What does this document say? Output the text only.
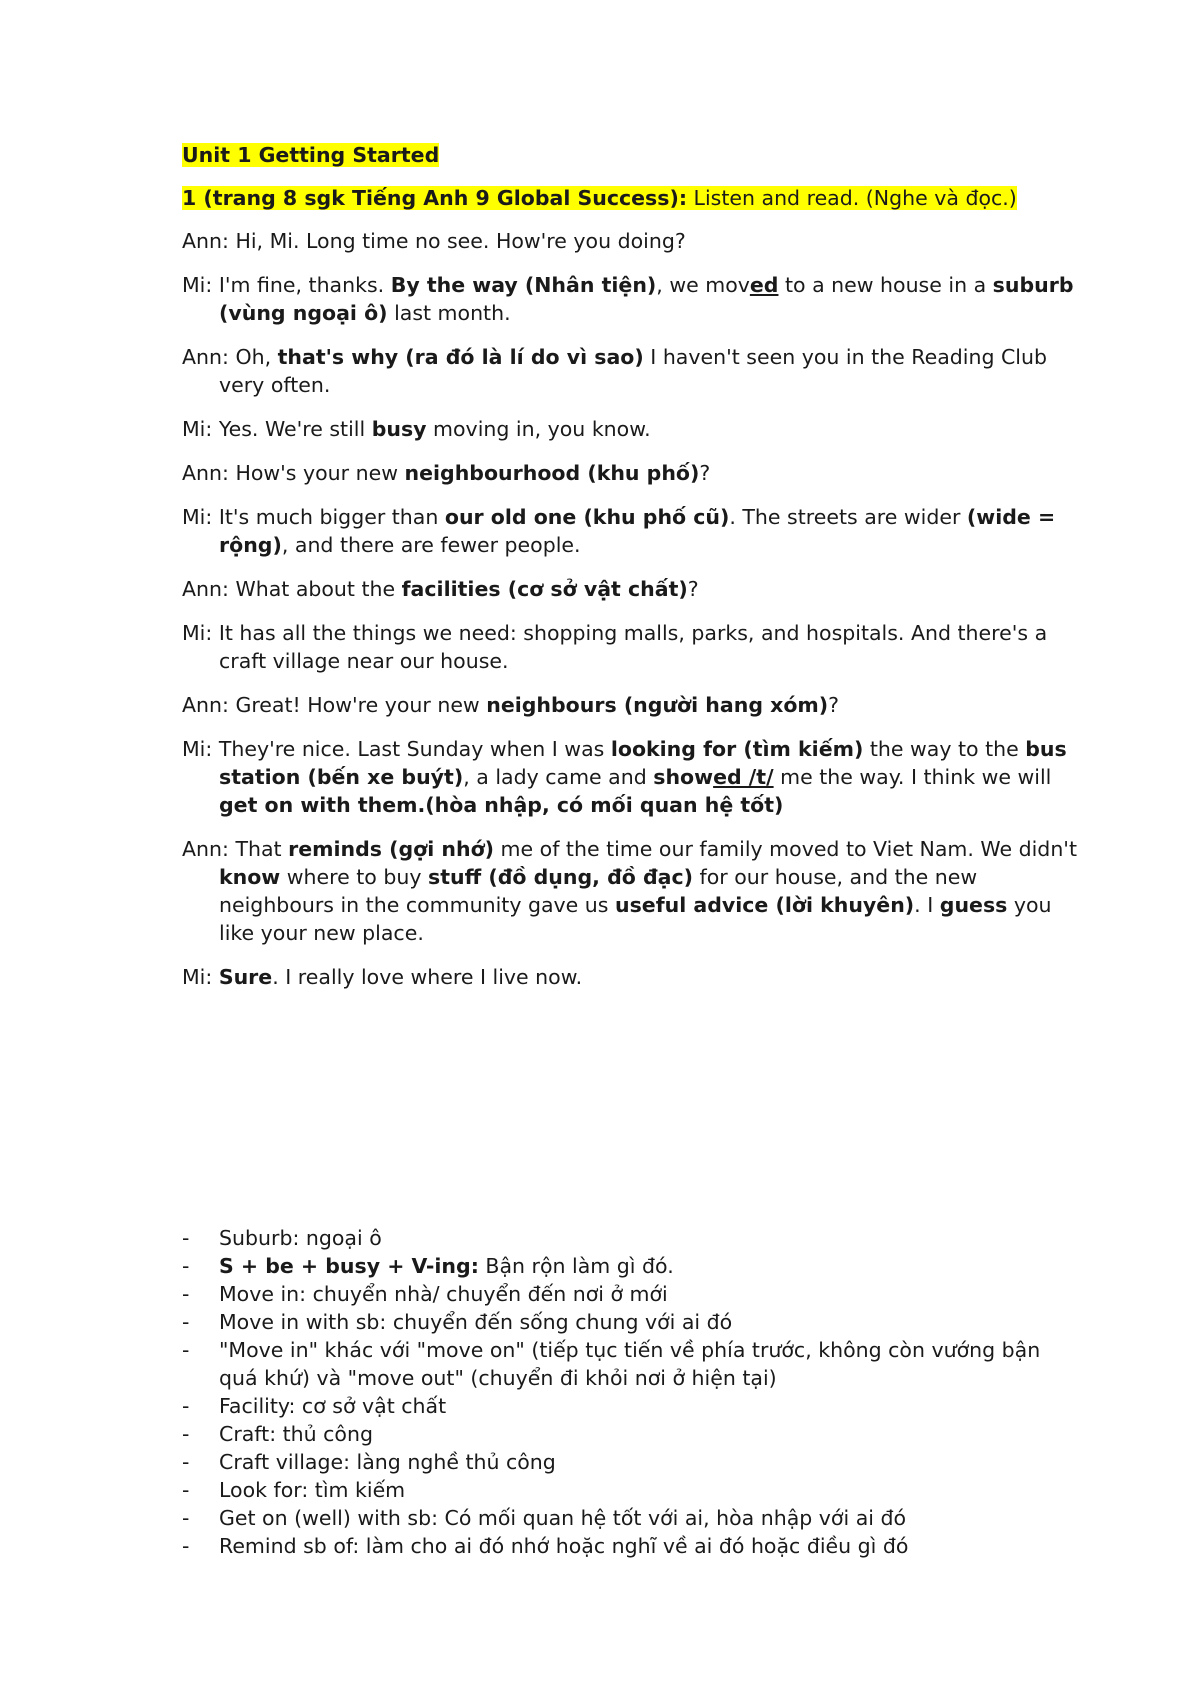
Unit 1 Getting Started

1 (trang 8 sgk Tiếng Anh 9 Global Success): Listen and read. (Nghe và đọc.)

Ann: Hi, Mi. Long time no see. How're you doing?

Mi: I'm fine, thanks. By the way (Nhân tiện), we moved to a new house in a suburb (vùng ngoại ô) last month.

Ann: Oh, that's why (ra đó là lí do vì sao) I haven't seen you in the Reading Club very often.

Mi: Yes. We're still busy moving in, you know.

Ann: How's your new neighbourhood (khu phố)?

Mi: It's much bigger than our old one (khu phố cũ). The streets are wider (wide = rộng), and there are fewer people.

Ann: What about the facilities (cơ sở vật chất)?

Mi: It has all the things we need: shopping malls, parks, and hospitals. And there's a craft village near our house.

Ann: Great! How're your new neighbours (người hang xóm)?

Mi: They're nice. Last Sunday when I was looking for (tìm kiếm) the way to the bus station (bến xe buýt), a lady came and showed /t/ me the way. I think we will get on with them.(hòa nhập, có mối quan hệ tốt)

Ann: That reminds (gợi nhớ) me of the time our family moved to Viet Nam. We didn't know where to buy stuff (đồ dụng, đồ đạc) for our house, and the new neighbours in the community gave us useful advice (lời khuyên). I guess you like your new place.

Mi: Sure. I really love where I live now.

- Suburb: ngoại ô
- S + be + busy + V-ing: Bận rộn làm gì đó.
- Move in: chuyển nhà/ chuyển đến nơi ở mới
- Move in with sb: chuyển đến sống chung với ai đó
- "Move in" khác với "move on" (tiếp tục tiến về phía trước, không còn vướng bận quá khứ) và "move out" (chuyển đi khỏi nơi ở hiện tại)
- Facility: cơ sở vật chất
- Craft: thủ công
- Craft village: làng nghề thủ công
- Look for: tìm kiếm
- Get on (well) with sb: Có mối quan hệ tốt với ai, hòa nhập với ai đó
- Remind sb of: làm cho ai đó nhớ hoặc nghĩ về ai đó hoặc điều gì đó
